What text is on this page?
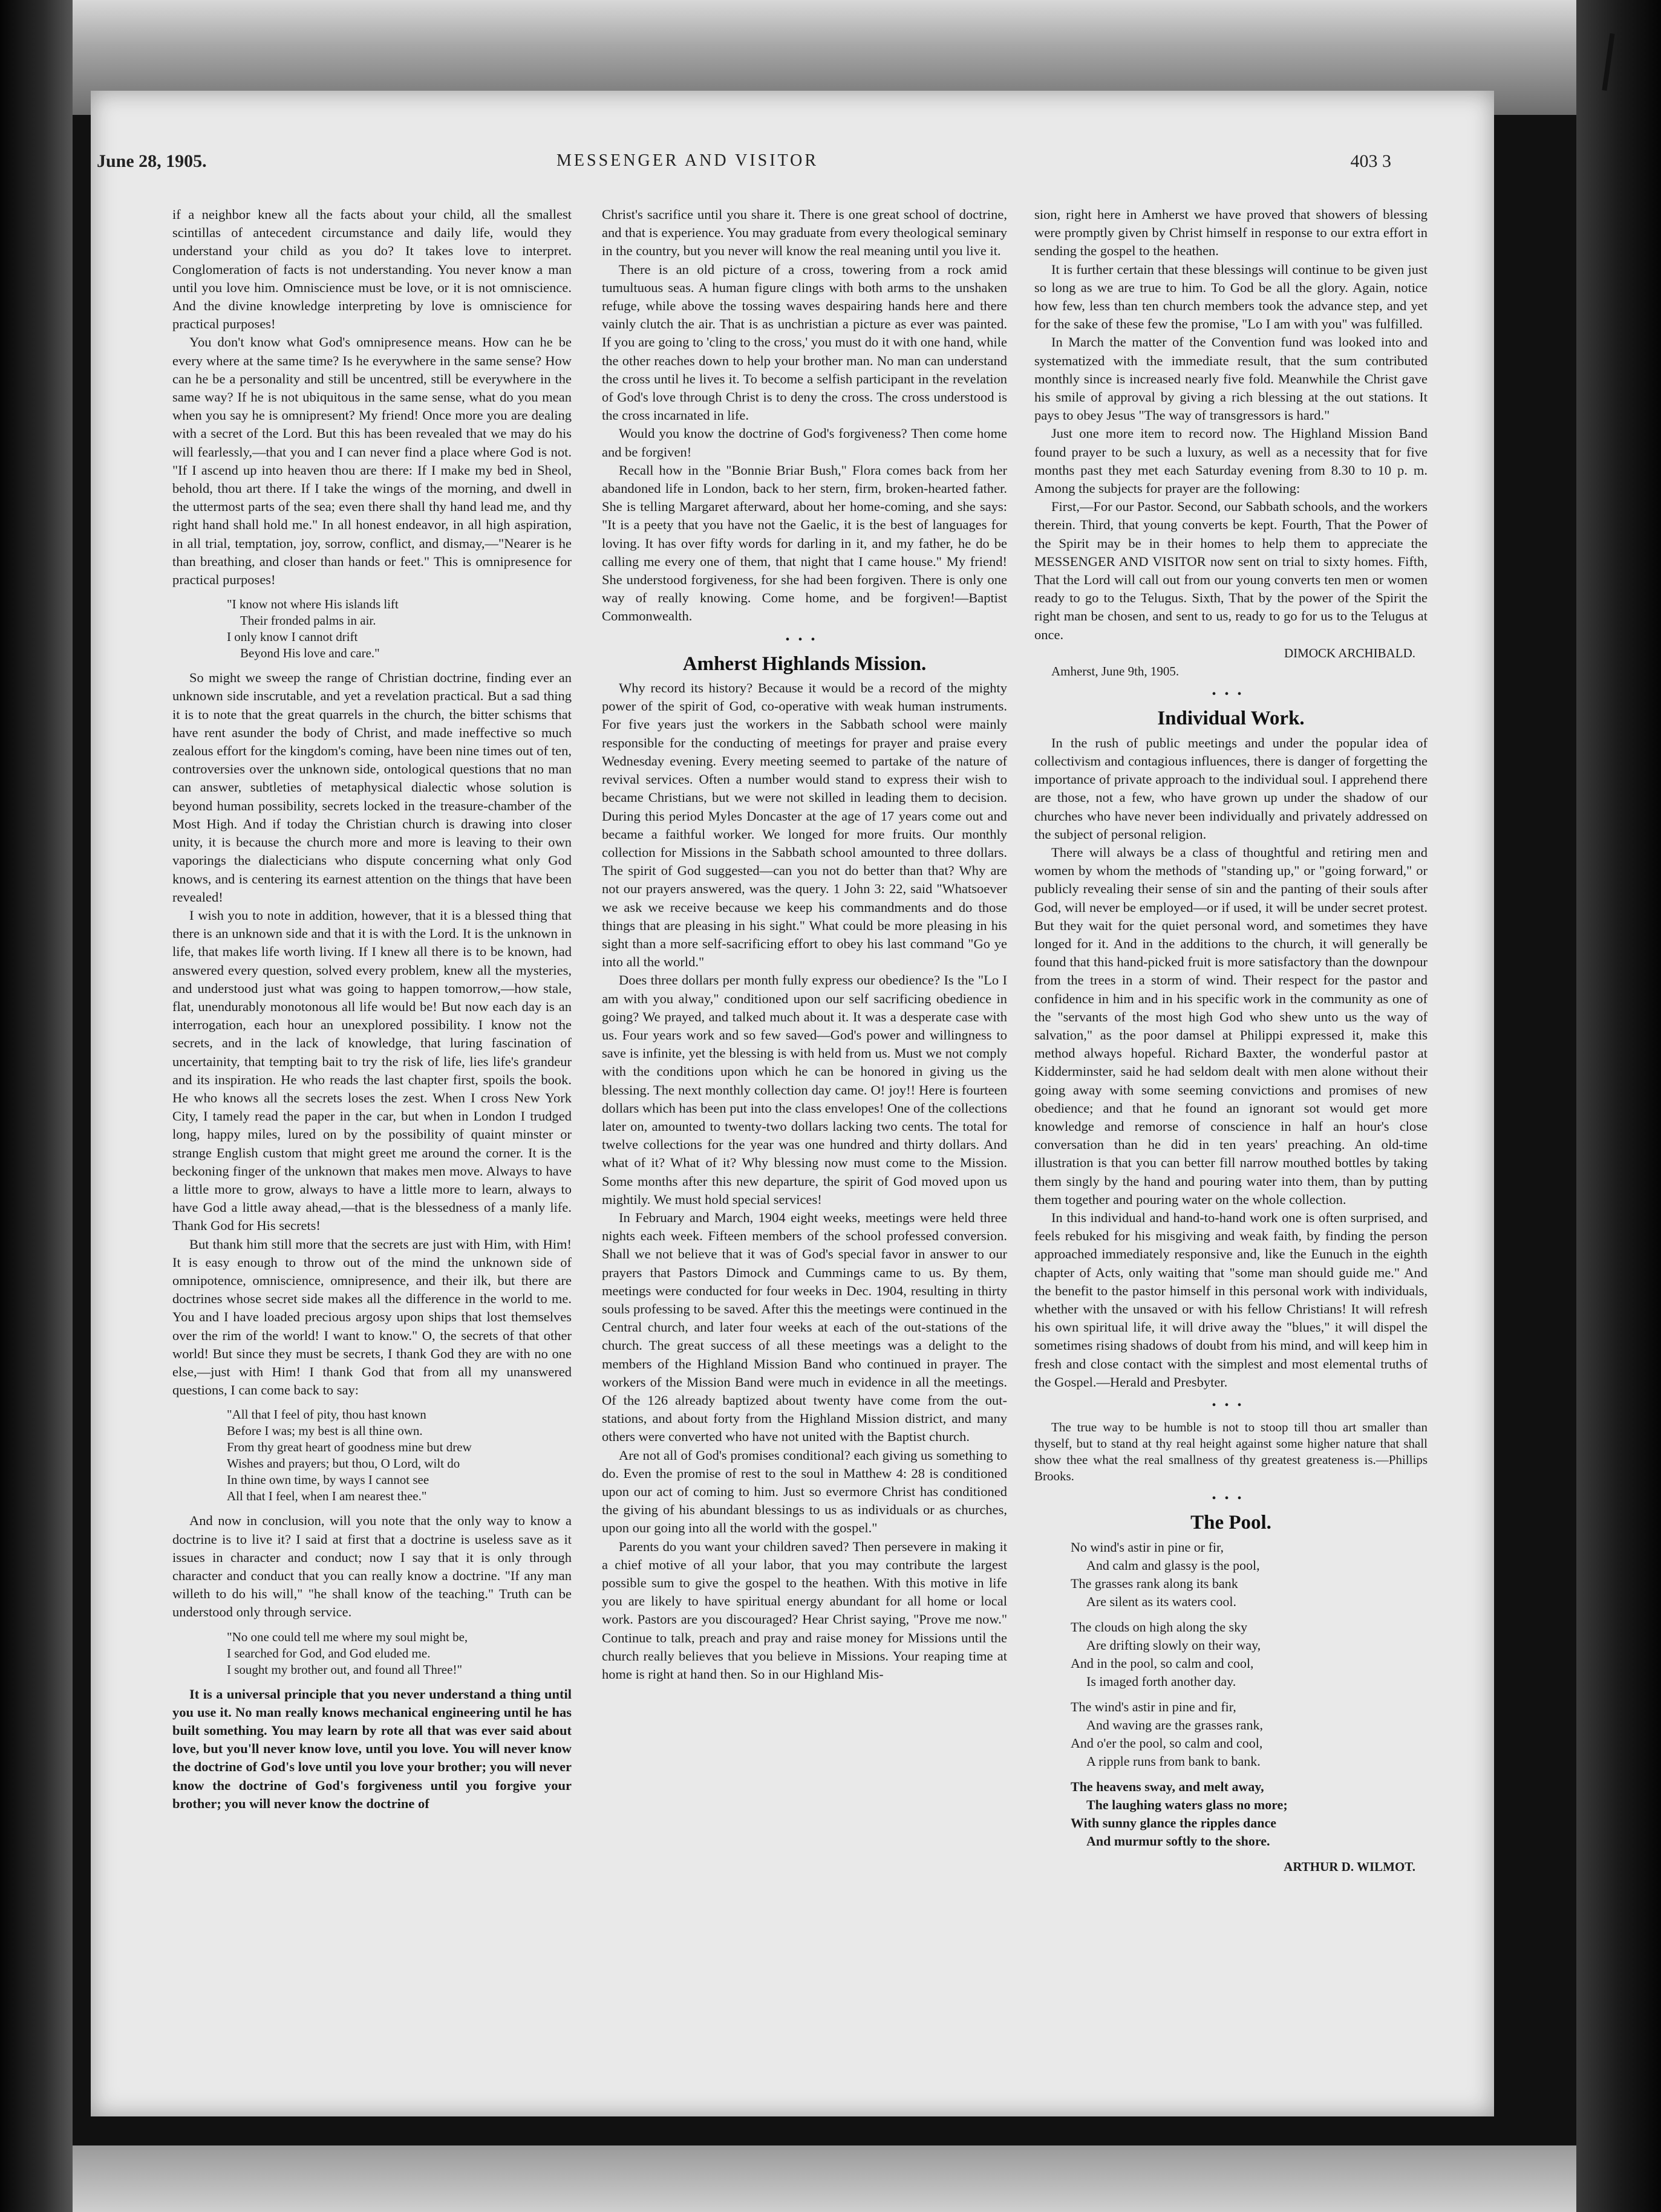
June 28, 1905.	MESSENGER AND VISITOR	403 3

if a neighbor knew all the facts about your child, all the smallest scintillas of antecedent circumstance and daily life, would they understand your child as you do? It takes love to interpret. Conglomeration of facts is not understanding. You never know a man until you love him. Omniscience must be love, or it is not omniscience. And the divine knowledge interpreting by love is omniscience for practical purposes!

You don't know what God's omnipresence means. How can he be every where at the same time? Is he everywhere in the same sense? How can he be a personality and still be uncentred, still be everywhere in the same way? If he is not ubiquitous in the same sense, what do you mean when you say he is omnipresent? My friend! Once more you are dealing with a secret of the Lord. But this has been revealed that we may do his will fearlessly,—that you and I can never find a place where God is not. "If I ascend up into heaven thou are there: If I make my bed in Sheol, behold, thou art there. If I take the wings of the morning, and dwell in the uttermost parts of the sea; even there shall thy hand lead me, and thy right hand shall hold me." In all honest endeavor, in all high aspiration, in all trial, temptation, joy, sorrow, conflict, and dismay,—"Nearer is he than breathing, and closer than hands or feet." This is omnipresence for practical purposes!

"I know not where His islands lift
Their fronded palms in air.
I only know I cannot drift
Beyond His love and care."

So might we sweep the range of Christian doctrine, finding ever an unknown side inscrutable, and yet a revelation practical. But a sad thing it is to note that the great quarrels in the church, the bitter schisms that have rent asunder the body of Christ, and made ineffective so much zealous effort for the kingdom's coming, have been nine times out of ten, controversies over the unknown side, ontological questions that no man can answer, subtleties of metaphysical dialectic whose solution is beyond human possibility, secrets locked in the treasure-chamber of the Most High. And if today the Christian church is drawing into closer unity, it is because the church more and more is leaving to their own vaporings the dialecticians who dispute concerning what only God knows, and is centering its earnest attention on the things that have been revealed!

I wish you to note in addition, however, that it is a blessed thing that there is an unknown side and that it is with the Lord. It is the unknown in life, that makes life worth living. If I knew all there is to be known, had answered every question, solved every problem, knew all the mysteries, and understood just what was going to happen tomorrow,—how stale, flat, unendurably monotonous all life would be! But now each day is an interrogation, each hour an unexplored possibility. I know not the secrets, and in the lack of knowledge, that luring fascination of uncertainity, that tempting bait to try the risk of life, lies life's grandeur and its inspiration. He who reads the last chapter first, spoils the book. He who knows all the secrets loses the zest. When I cross New York City, I tamely read the paper in the car, but when in London I trudged long, happy miles, lured on by the possibility of quaint minster or strange English custom that might greet me around the corner. It is the beckoning finger of the unknown that makes men move. Always to have a little more to grow, always to have a little more to learn, always to have God a little away ahead,—that is the blessedness of a manly life. Thank God for His secrets!

But thank him still more that the secrets are just with Him, with Him! It is easy enough to throw out of the mind the unknown side of omnipotence, omniscience, omnipresence, and their ilk, but there are doctrines whose secret side makes all the difference in the world to me. You and I have loaded precious argosy upon ships that lost themselves over the rim of the world! I want to know." O, the secrets of that other world! But since they must be secrets, I thank God they are with no one else,—just with Him! I thank God that from all my unanswered questions, I can come back to say:

"All that I feel of pity, thou hast known
Before I was; my best is all thine own.
From thy great heart of goodness mine but drew
Wishes and prayers; but thou, O Lord, wilt do
In thine own time, by ways I cannot see
All that I feel, when I am nearest thee."

And now in conclusion, will you note that the only way to know a doctrine is to live it? I said at first that a doctrine is useless save as it issues in character and conduct; now I say that it is only through character and conduct that you can really know a doctrine. "If any man willeth to do his will," "he shall know of the teaching." Truth can be understood only through service.

"No one could tell me where my soul might be,
I searched for God, and God eluded me.
I sought my brother out, and found all Three!"

It is a universal principle that you never understand a thing until you use it. No man really knows mechanical engineering until he has built something. You may learn by rote all that was ever said about love, but you'll never know love, until you love. You will never know the doctrine of God's love until you love your brother; you will never know the doctrine of God's forgiveness until you forgive your brother; you will never know the doctrine of

Christ's sacrifice until you share it. There is one great school of doctrine, and that is experience. You may graduate from every theological seminary in the country, but you never will know the real meaning until you live it.

There is an old picture of a cross, towering from a rock amid tumultuous seas. A human figure clings with both arms to the unshaken refuge, while above the tossing waves despairing hands here and there vainly clutch the air. That is as unchristian a picture as ever was painted. If you are going to 'cling to the cross,' you must do it with one hand, while the other reaches down to help your brother man. No man can understand the cross until he lives it. To become a selfish participant in the revelation of God's love through Christ is to deny the cross. The cross understood is the cross incarnated in life.

Would you know the doctrine of God's forgiveness? Then come home and be forgiven!

Recall how in the "Bonnie Briar Bush," Flora comes back from her abandoned life in London, back to her stern, firm, broken-hearted father. She is telling Margaret afterward, about her home-coming, and she says: "It is a peety that you have not the Gaelic, it is the best of languages for loving. It has over fifty words for darling in it, and my father, he do be calling me every one of them, that night that I came house." My friend! She understood forgiveness, for she had been forgiven. There is only one way of really knowing. Come home, and be forgiven!—Baptist Commonwealth.

•••
Amherst Highlands Mission.

Why record its history? Because it would be a record of the mighty power of the spirit of God, co-operative with weak human instruments. For five years just the workers in the Sabbath school were mainly responsible for the conducting of meetings for prayer and praise every Wednesday evening. Every meeting seemed to partake of the nature of revival services. Often a number would stand to express their wish to became Christians, but we were not skilled in leading them to decision. During this period Myles Doncaster at the age of 17 years come out and became a faithful worker. We longed for more fruits. Our monthly collection for Missions in the Sabbath school amounted to three dollars. The spirit of God suggested—can you not do better than that? Why are not our prayers answered, was the query. 1 John 3: 22, said "Whatsoever we ask we receive because we keep his commandments and do those things that are pleasing in his sight." What could be more pleasing in his sight than a more self-sacrificing effort to obey his last command "Go ye into all the world."

Does three dollars per month fully express our obedience? Is the "Lo I am with you alway," conditioned upon our self sacrificing obedience in going? We prayed, and talked much about it. It was a desperate case with us. Four years work and so few saved—God's power and willingness to save is infinite, yet the blessing is with held from us. Must we not comply with the conditions upon which he can be honored in giving us the blessing. The next monthly collection day came. O! joy!! Here is fourteen dollars which has been put into the class envelopes! One of the collections later on, amounted to twenty-two dollars lacking two cents. The total for twelve collections for the year was one hundred and thirty dollars. And what of it? What of it? Why blessing now must come to the Mission. Some months after this new departure, the spirit of God moved upon us mightily. We must hold special services!

In February and March, 1904 eight weeks, meetings were held three nights each week. Fifteen members of the school professed conversion. Shall we not believe that it was of God's special favor in answer to our prayers that Pastors Dimock and Cummings came to us. By them, meetings were conducted for four weeks in Dec. 1904, resulting in thirty souls professing to be saved. After this the meetings were continued in the Central church, and later four weeks at each of the out-stations of the church. The great success of all these meetings was a delight to the members of the Highland Mission Band who continued in prayer. The workers of the Mission Band were much in evidence in all the meetings. Of the 126 already baptized about twenty have come from the out-stations, and about forty from the Highland Mission district, and many others were converted who have not united with the Baptist church.

Are not all of God's promises conditional? each giving us something to do. Even the promise of rest to the soul in Matthew 4: 28 is conditioned upon our act of coming to him. Just so evermore Christ has conditioned the giving of his abundant blessings to us as individuals or as churches, upon our going into all the world with the gospel."

Parents do you want your children saved? Then persevere in making it a chief motive of all your labor, that you may contribute the largest possible sum to give the gospel to the heathen. With this motive in life you are likely to have spiritual energy abundant for all home or local work. Pastors are you discouraged? Hear Christ saying, "Prove me now." Continue to talk, preach and pray and raise money for Missions until the church really believes that you believe in Missions. Your reaping time at home is right at hand then. So in our Highland Mis-

sion, right here in Amherst we have proved that showers of blessing were promptly given by Christ himself in response to our extra effort in sending the gospel to the heathen.

It is further certain that these blessings will continue to be given just so long as we are true to him. To God be all the glory. Again, notice how few, less than ten church members took the advance step, and yet for the sake of these few the promise, "Lo I am with you" was fulfilled.

In March the matter of the Convention fund was looked into and systematized with the immediate result, that the sum contributed monthly since is increased nearly five fold. Meanwhile the Christ gave his smile of approval by giving a rich blessing at the out stations. It pays to obey Jesus "The way of transgressors is hard."

Just one more item to record now. The Highland Mission Band found prayer to be such a luxury, as well as a necessity that for five months past they met each Saturday evening from 8.30 to 10 p. m. Among the subjects for prayer are the following:

First,—For our Pastor. Second, our Sabbath schools, and the workers therein. Third, that young converts be kept. Fourth, That the Power of the Spirit may be in their homes to help them to appreciate the MESSENGER AND VISITOR now sent on trial to sixty homes. Fifth, That the Lord will call out from our young converts ten men or women ready to go to the Telugus. Sixth, That by the power of the Spirit the right man be chosen, and sent to us, ready to go for us to the Telugus at once.

DIMOCK ARCHIBALD.

Amherst, June 9th, 1905.

•••
Individual Work.

In the rush of public meetings and under the popular idea of collectivism and contagious influences, there is danger of forgetting the importance of private approach to the individual soul. I apprehend there are those, not a few, who have grown up under the shadow of our churches who have never been individually and privately addressed on the subject of personal religion.

There will always be a class of thoughtful and retiring men and women by whom the methods of "standing up," or "going forward," or publicly revealing their sense of sin and the panting of their souls after God, will never be employed—or if used, it will be under secret protest. But they wait for the quiet personal word, and sometimes they have longed for it. And in the additions to the church, it will generally be found that this hand-picked fruit is more satisfactory than the downpour from the trees in a storm of wind. Their respect for the pastor and confidence in him and in his specific work in the community as one of the "servants of the most high God who shew unto us the way of salvation," as the poor damsel at Philippi expressed it, make this method always hopeful. Richard Baxter, the wonderful pastor at Kidderminster, said he had seldom dealt with men alone without their going away with some seeming convictions and promises of new obedience; and that he found an ignorant sot would get more knowledge and remorse of conscience in half an hour's close conversation than he did in ten years' preaching. An old-time illustration is that you can better fill narrow mouthed bottles by taking them singly by the hand and pouring water into them, than by putting them together and pouring water on the whole collection.

In this individual and hand-to-hand work one is often surprised, and feels rebuked for his misgiving and weak faith, by finding the person approached immediately responsive and, like the Eunuch in the eighth chapter of Acts, only waiting that "some man should guide me." And the benefit to the pastor himself in this personal work with individuals, whether with the unsaved or with his fellow Christians! It will refresh his own spiritual life, it will drive away the "blues," it will dispel the sometimes rising shadows of doubt from his mind, and will keep him in fresh and close contact with the simplest and most elemental truths of the Gospel.—Herald and Presbyter.

•••

The true way to be humble is not to stoop till thou art smaller than thyself, but to stand at thy real height against some higher nature that shall show thee what the real smallness of thy greatest greateness is.—Phillips Brooks.

•••
The Pool.
No wind's astir in pine or fir,
And calm and glassy is the pool,
The grasses rank along its bank
Are silent as its waters cool.
The clouds on high along the sky
Are drifting slowly on their way,
And in the pool, so calm and cool,
Is imaged forth another day.
The wind's astir in pine and fir,
And waving are the grasses rank,
And o'er the pool, so calm and cool,
A ripple runs from bank to bank.
The heavens sway, and melt away,
The laughing waters glass no more;
With sunny glance the ripples dance
And murmur softly to the shore.

ARTHUR D. WILMOT.
